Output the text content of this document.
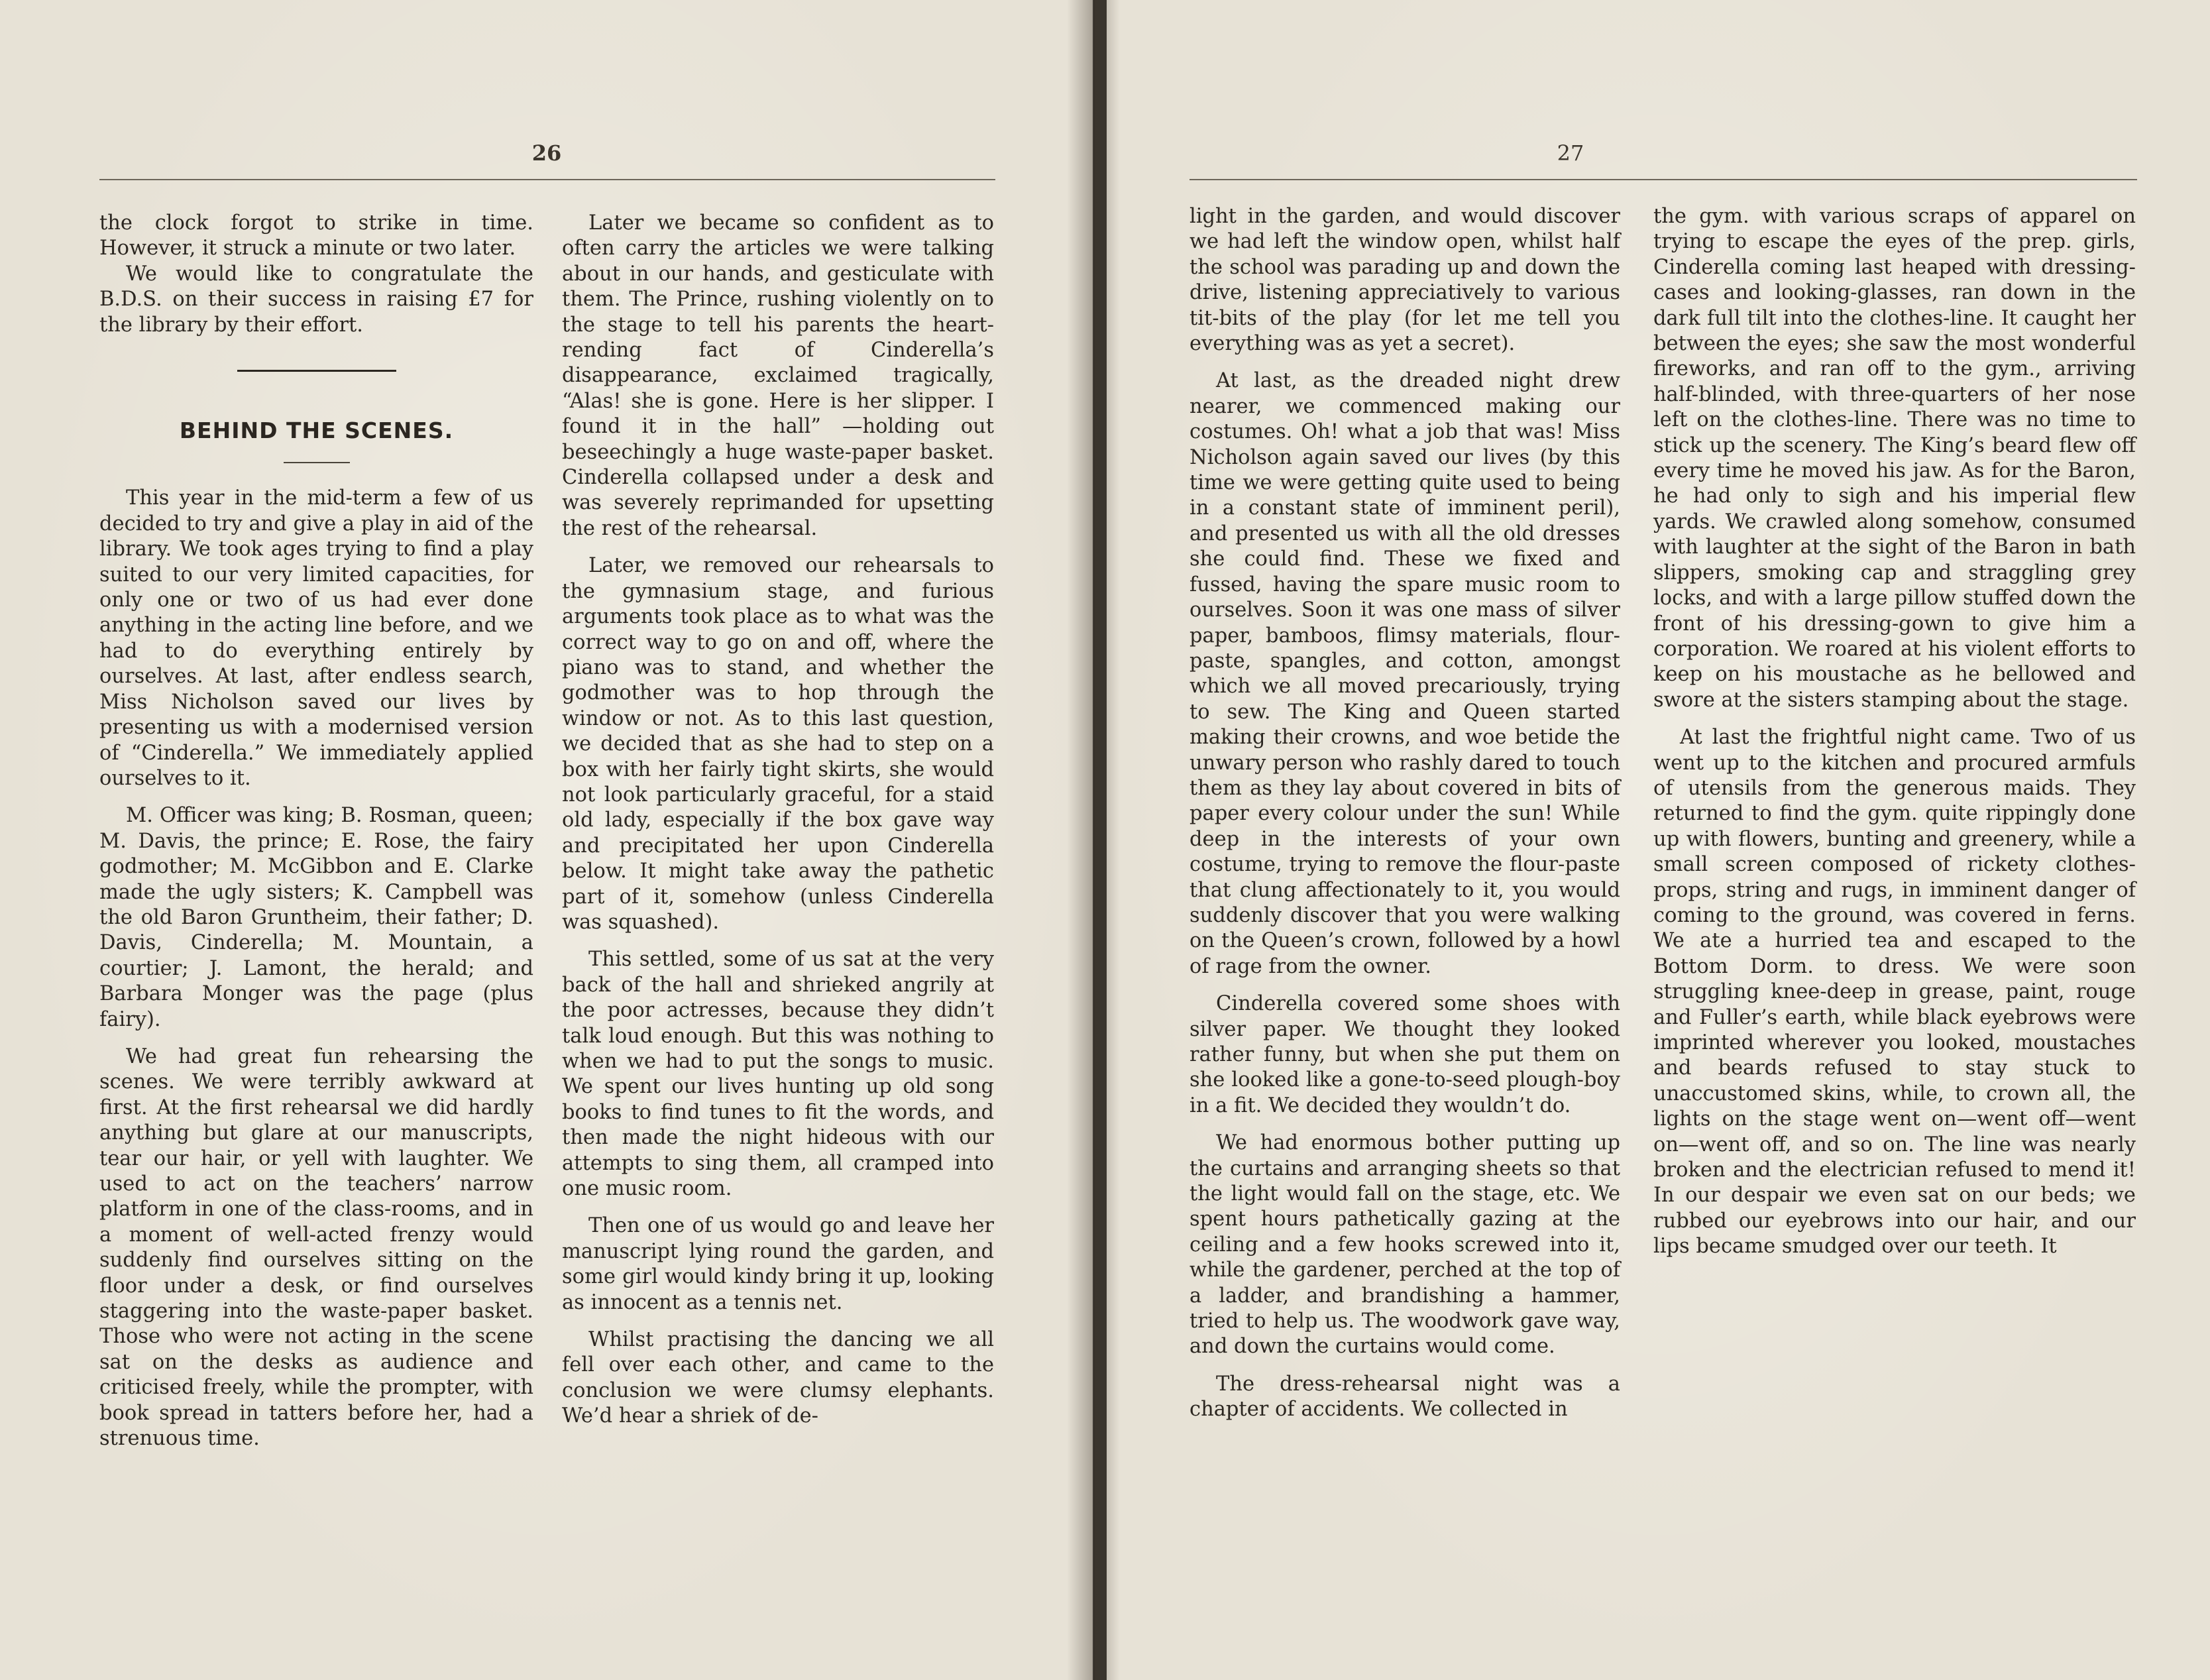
26

the clock forgot to strike in time. However, it struck a minute or two later.

We would like to congratulate the B.D.S. on their success in raising £7 for the library by their effort.

BEHIND THE SCENES.

This year in the mid-term a few of us decided to try and give a play in aid of the library. We took ages trying to find a play suited to our very limited capacities, for only one or two of us had ever done anything in the acting line before, and we had to do everything entirely by ourselves. At last, after endless search, Miss Nicholson saved our lives by presenting us with a modernised version of “Cinderella.” We immediately applied ourselves to it.

M. Officer was king; B. Rosman, queen; M. Davis, the prince; E. Rose, the fairy godmother; M. McGibbon and E. Clarke made the ugly sisters; K. Campbell was the old Baron Gruntheim, their father; D. Davis, Cinderella; M. Mountain, a courtier; J. Lamont, the herald; and Barbara Monger was the page (plus fairy).

We had great fun rehearsing the scenes. We were terribly awkward at first. At the first rehearsal we did hardly anything but glare at our manuscripts, tear our hair, or yell with laughter. We used to act on the teachers’ narrow platform in one of the class-rooms, and in a moment of well-acted frenzy would suddenly find ourselves sitting on the floor under a desk, or find ourselves staggering into the waste-paper basket. Those who were not acting in the scene sat on the desks as audience and criticised freely, while the prompter, with book spread in tatters before her, had a strenuous time.

Later we became so confident as to often carry the articles we were talking about in our hands, and gesticulate with them. The Prince, rushing violently on to the stage to tell his parents the heart-rending fact of Cinderella’s disappearance, exclaimed tragically, “Alas! she is gone. Here is her slipper. I found it in the hall” —holding out beseechingly a huge waste-paper basket. Cinderella collapsed under a desk and was severely reprimanded for upsetting the rest of the rehearsal.

Later, we removed our rehearsals to the gymnasium stage, and furious arguments took place as to what was the correct way to go on and off, where the piano was to stand, and whether the godmother was to hop through the window or not. As to this last question, we decided that as she had to step on a box with her fairly tight skirts, she would not look particularly graceful, for a staid old lady, especially if the box gave way and precipitated her upon Cinderella below. It might take away the pathetic part of it, somehow (unless Cinderella was squashed).

This settled, some of us sat at the very back of the hall and shrieked angrily at the poor actresses, because they didn’t talk loud enough. But this was nothing to when we had to put the songs to music. We spent our lives hunting up old song books to find tunes to fit the words, and then made the night hideous with our attempts to sing them, all cramped into one music room.

Then one of us would go and leave her manuscript lying round the garden, and some girl would kindy bring it up, looking as innocent as a tennis net.

Whilst practising the dancing we all fell over each other, and came to the conclusion we were clumsy elephants. We’d hear a shriek of de-

27

light in the garden, and would discover we had left the window open, whilst half the school was parading up and down the drive, listening appreciatively to various tit-bits of the play (for let me tell you everything was as yet a secret).

At last, as the dreaded night drew nearer, we commenced making our costumes. Oh! what a job that was! Miss Nicholson again saved our lives (by this time we were getting quite used to being in a constant state of imminent peril), and presented us with all the old dresses she could find. These we fixed and fussed, having the spare music room to ourselves. Soon it was one mass of silver paper, bamboos, flimsy materials, flour-paste, spangles, and cotton, amongst which we all moved precariously, trying to sew. The King and Queen started making their crowns, and woe betide the unwary person who rashly dared to touch them as they lay about covered in bits of paper every colour under the sun! While deep in the interests of your own costume, trying to remove the flour-paste that clung affectionately to it, you would suddenly discover that you were walking on the Queen’s crown, followed by a howl of rage from the owner.

Cinderella covered some shoes with silver paper. We thought they looked rather funny, but when she put them on she looked like a gone-to-seed plough-boy in a fit. We decided they wouldn’t do.

We had enormous bother putting up the curtains and arranging sheets so that the light would fall on the stage, etc. We spent hours pathetically gazing at the ceiling and a few hooks screwed into it, while the gardener, perched at the top of a ladder, and brandishing a hammer, tried to help us. The woodwork gave way, and down the curtains would come.

The dress-rehearsal night was a chapter of accidents. We collected in

the gym. with various scraps of apparel on trying to escape the eyes of the prep. girls, Cinderella coming last heaped with dressing-cases and looking-glasses, ran down in the dark full tilt into the clothes-line. It caught her between the eyes; she saw the most wonderful fireworks, and ran off to the gym., arriving half-blinded, with three-quarters of her nose left on the clothes-line. There was no time to stick up the scenery. The King’s beard flew off every time he moved his jaw. As for the Baron, he had only to sigh and his imperial flew yards. We crawled along somehow, consumed with laughter at the sight of the Baron in bath slippers, smoking cap and straggling grey locks, and with a large pillow stuffed down the front of his dressing-gown to give him a corporation. We roared at his violent efforts to keep on his moustache as he bellowed and swore at the sisters stamping about the stage.

At last the frightful night came. Two of us went up to the kitchen and procured armfuls of utensils from the generous maids. They returned to find the gym. quite rippingly done up with flowers, bunting and greenery, while a small screen composed of rickety clothes-props, string and rugs, in imminent danger of coming to the ground, was covered in ferns. We ate a hurried tea and escaped to the Bottom Dorm. to dress. We were soon struggling knee-deep in grease, paint, rouge and Fuller’s earth, while black eyebrows were imprinted wherever you looked, moustaches and beards refused to stay stuck to unaccustomed skins, while, to crown all, the lights on the stage went on—went off—went on—went off, and so on. The line was nearly broken and the electrician refused to mend it! In our despair we even sat on our beds; we rubbed our eyebrows into our hair, and our lips became smudged over our teeth. It
